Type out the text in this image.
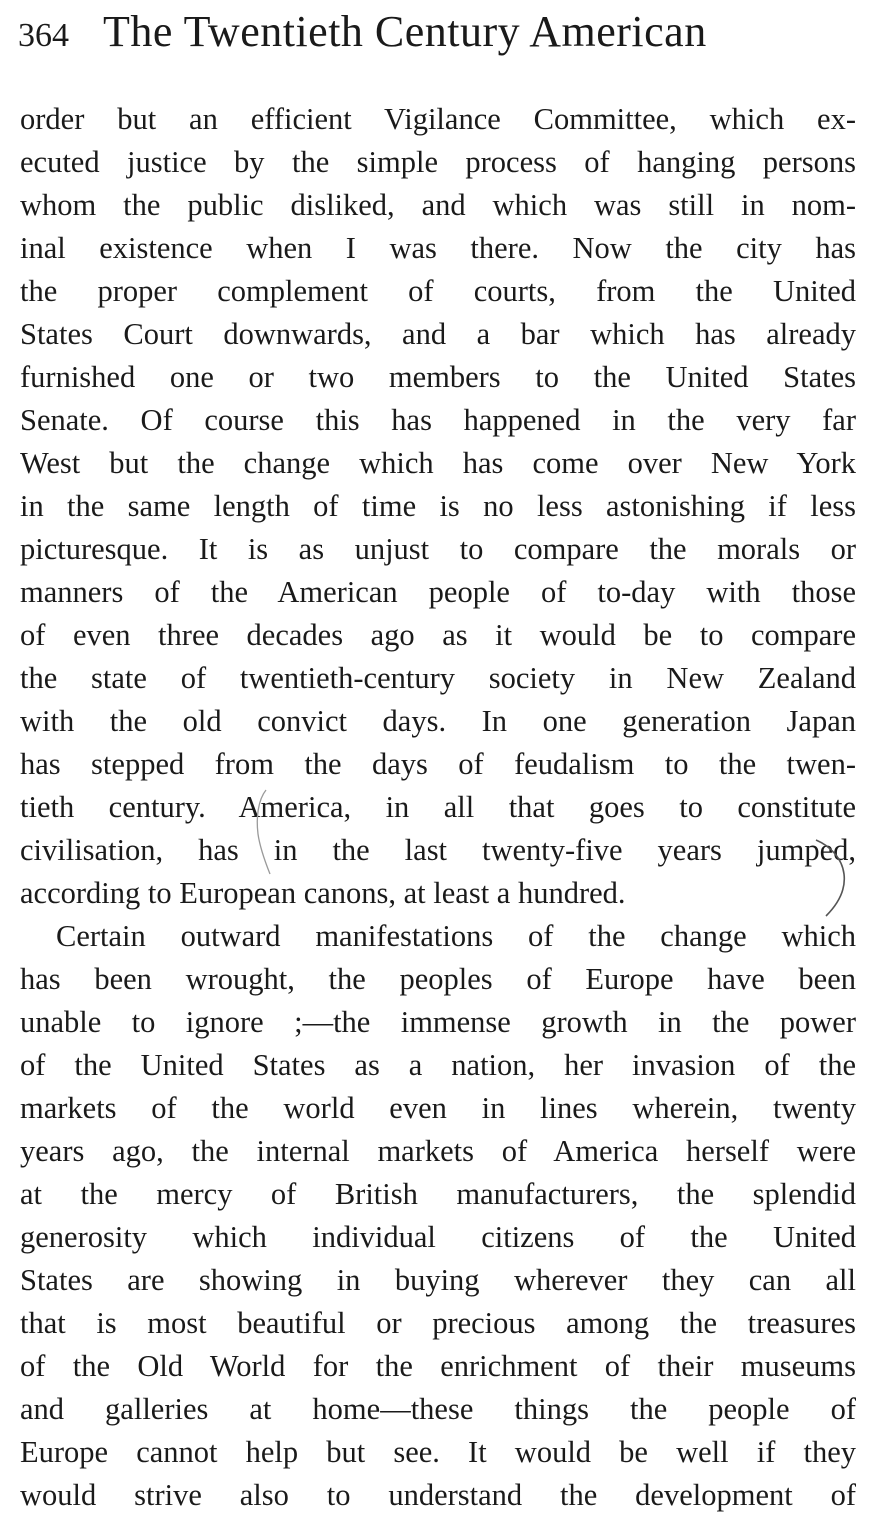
364 The Twentieth Century American
order but an efficient Vigilance Committee, which ex-
ecuted justice by the simple process of hanging persons
whom the public disliked, and which was still in nom-
inal existence when I was there. Now the city has
the proper complement of courts, from the United
States Court downwards, and a bar which has already
furnished one or two members to the United States
Senate. Of course this has happened in the very far
West but the change which has come over New York
in the same length of time is no less astonishing if less
picturesque. It is as unjust to compare the morals or
manners of the American people of to-day with those
of even three decades ago as it would be to compare
the state of twentieth-century society in New Zealand
with the old convict days. In one generation Japan
has stepped from the days of feudalism to the twen-
tieth century. America, in all that goes to constitute
civilisation, has in the last twenty-five years jumped,
according to European canons, at least a hundred.
Certain outward manifestations of the change which
has been wrought, the peoples of Europe have been
unable to ignore ;—the immense growth in the power
of the United States as a nation, her invasion of the
markets of the world even in lines wherein, twenty
years ago, the internal markets of America herself were
at the mercy of British manufacturers, the splendid
generosity which individual citizens of the United
States are showing in buying wherever they can all
that is most beautiful or precious among the treasures
of the Old World for the enrichment of their museums
and galleries at home—these things the people of
Europe cannot help but see. It would be well if they
would strive also to understand the development of
